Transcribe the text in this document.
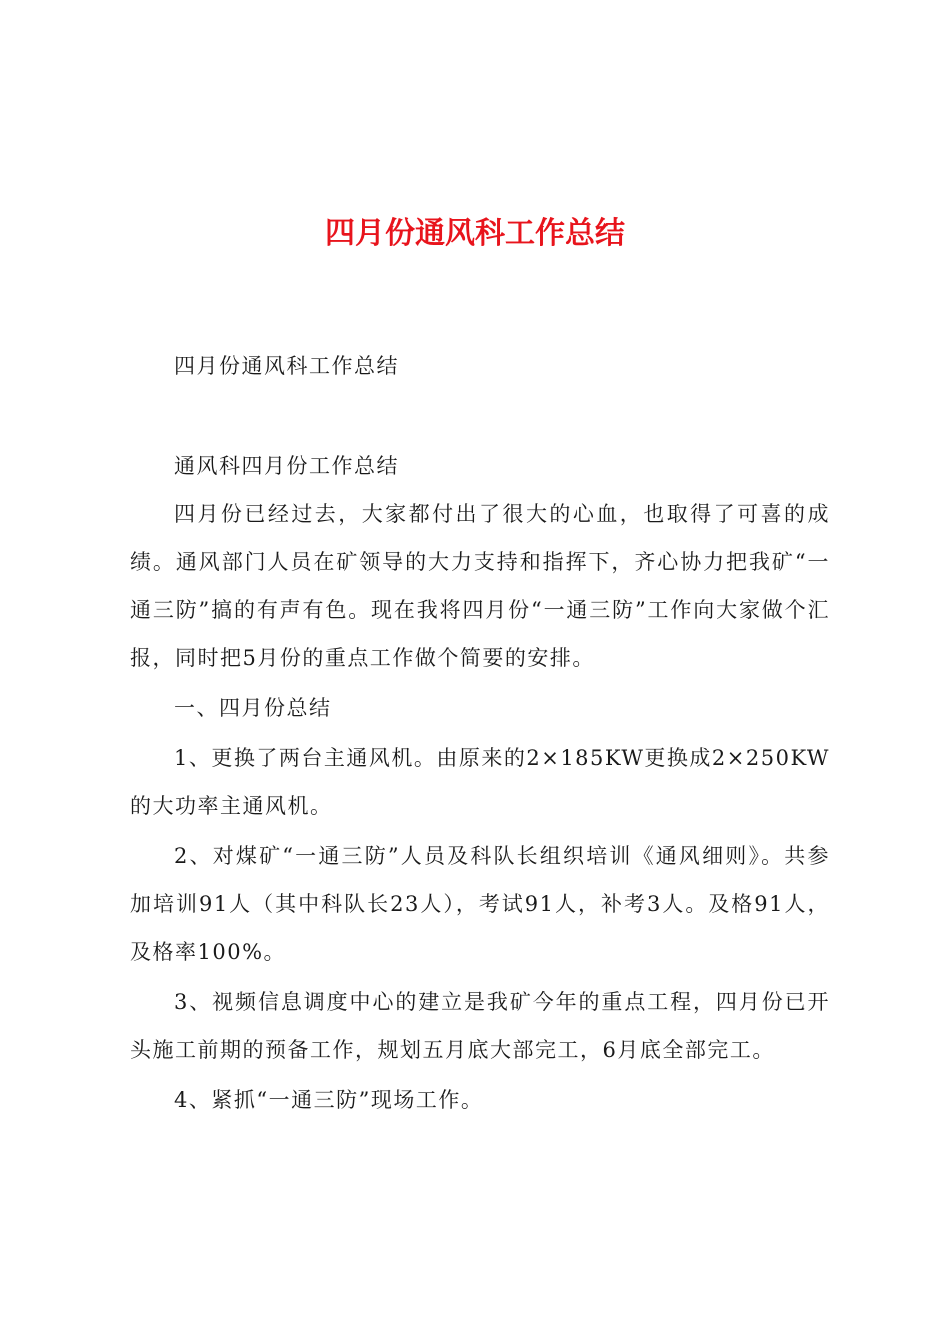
四月份通风科工作总结

四月份通风科工作总结

通风科四月份工作总结

四月份已经过去，大家都付出了很大的心血，也取得了可喜的成绩。通风部门人员在矿领导的大力支持和指挥下，齐心协力把我矿“一通三防”搞的有声有色。现在我将四月份“一通三防”工作向大家做个汇报，同时把5月份的重点工作做个简要的安排。

一、四月份总结

1、更换了两台主通风机。由原来的2×185KW更换成2×250KW的大功率主通风机。

2、对煤矿“一通三防”人员及科队长组织培训《通风细则》。共参加培训91人（其中科队长23人），考试91人，补考3人。及格91人，及格率100%。

3、视频信息调度中心的建立是我矿今年的重点工程，四月份已开头施工前期的预备工作，规划五月底大部完工，6月底全部完工。

4、紧抓“一通三防”现场工作。
